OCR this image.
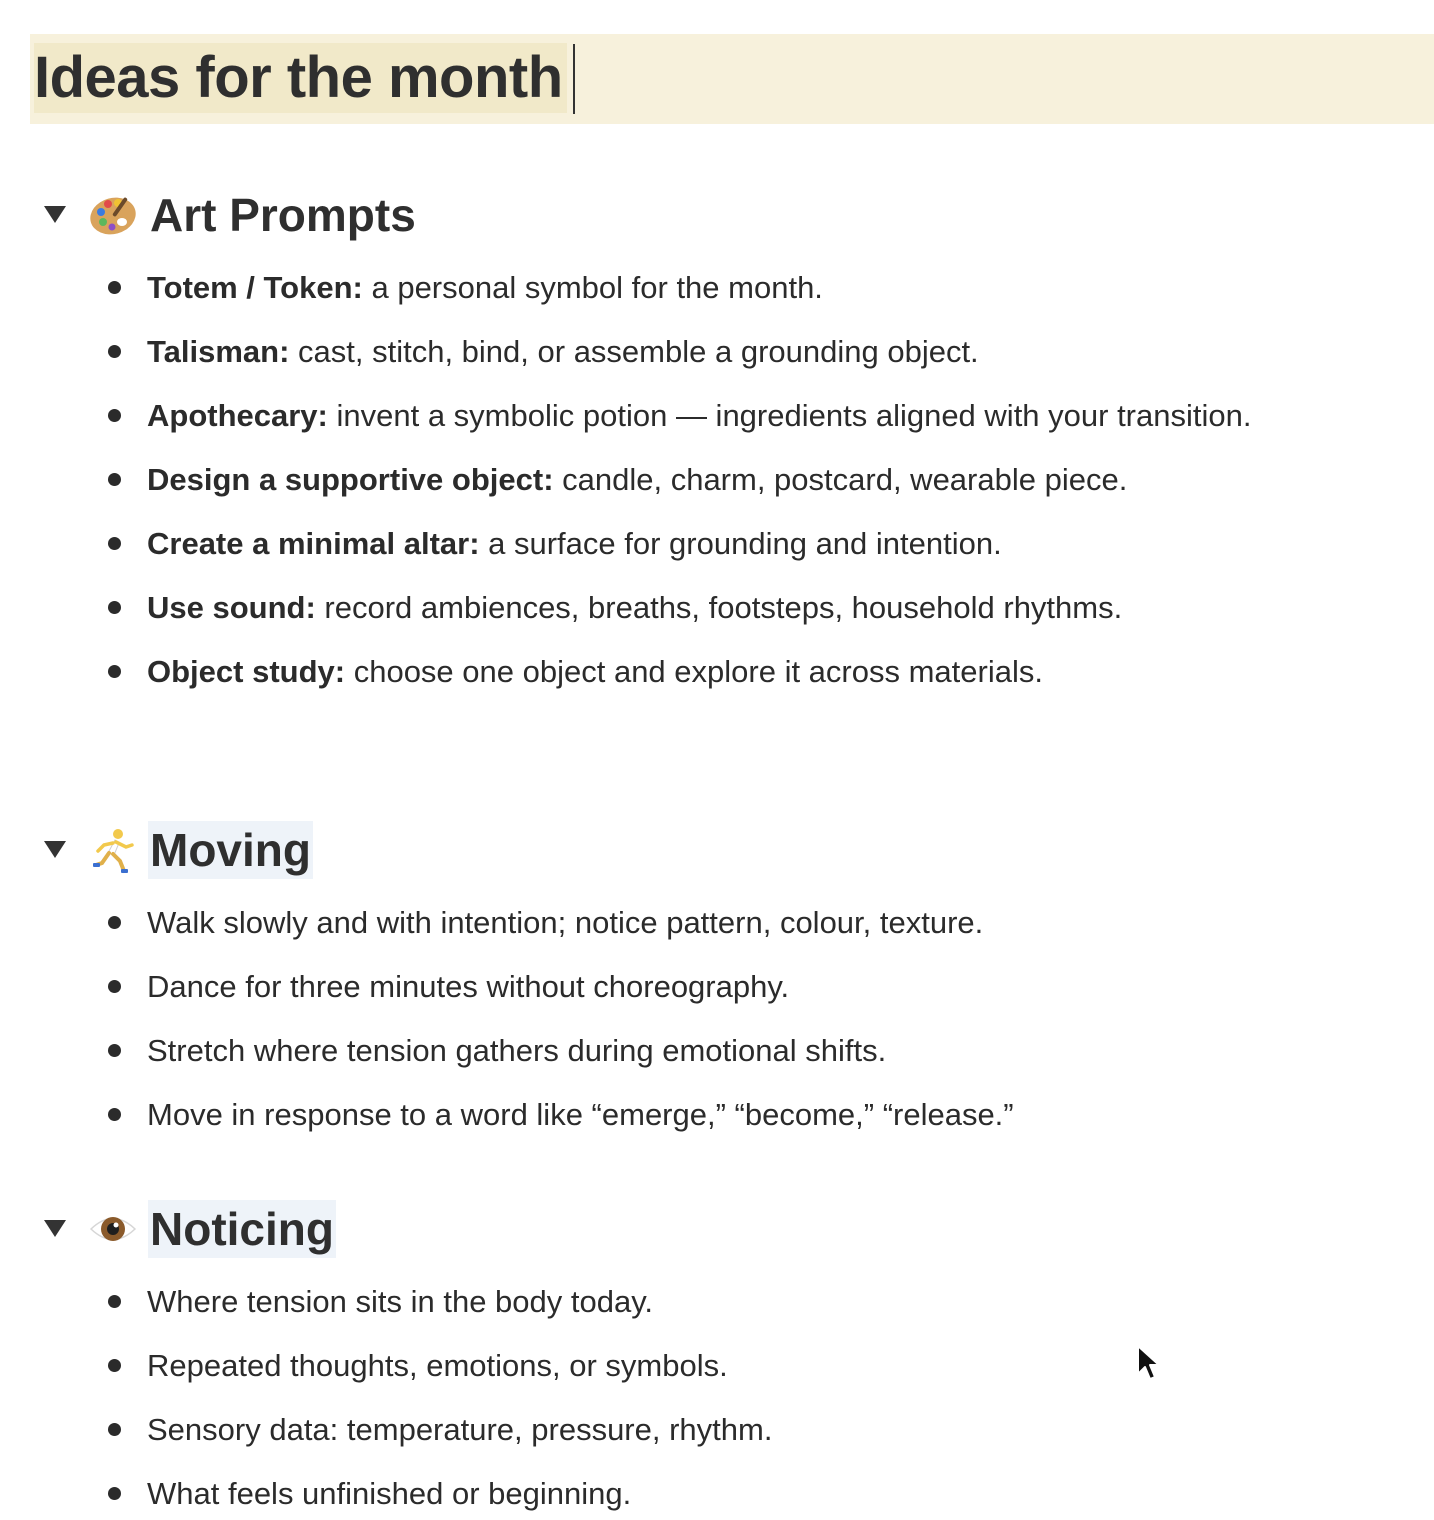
Ideas for the month
Art Prompts
Totem / Token: a personal symbol for the month.
Talisman: cast, stitch, bind, or assemble a grounding object.
Apothecary: invent a symbolic potion — ingredients aligned with your transition.
Design a supportive object: candle, charm, postcard, wearable piece.
Create a minimal altar: a surface for grounding and intention.
Use sound: record ambiences, breaths, footsteps, household rhythms.
Object study: choose one object and explore it across materials.
Moving
Walk slowly and with intention; notice pattern, colour, texture.
Dance for three minutes without choreography.
Stretch where tension gathers during emotional shifts.
Move in response to a word like “emerge,” “become,” “release.”
Noticing
Where tension sits in the body today.
Repeated thoughts, emotions, or symbols.
Sensory data: temperature, pressure, rhythm.
What feels unfinished or beginning.
